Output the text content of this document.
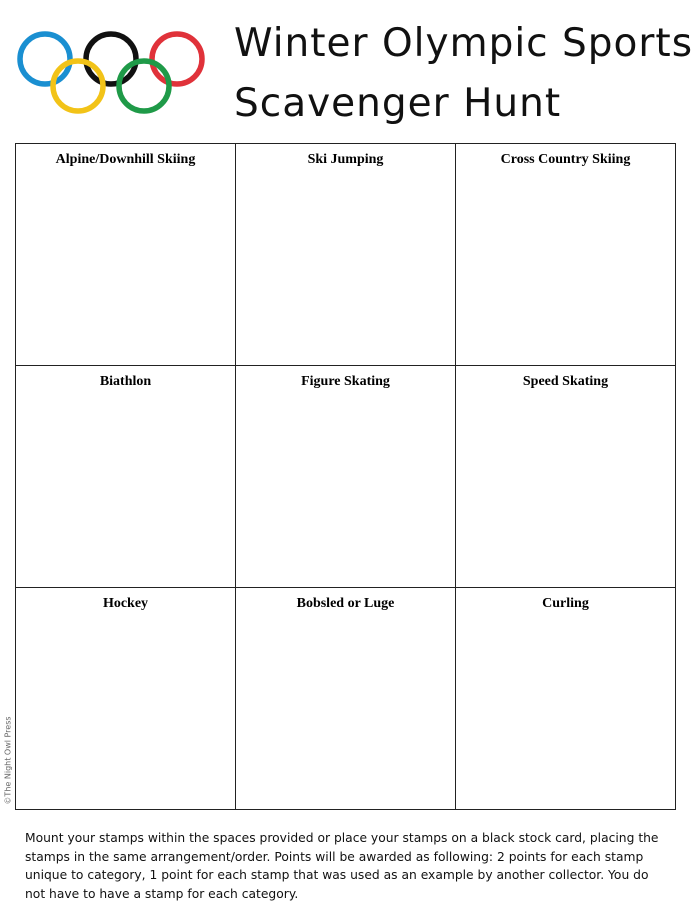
Winter Olympic Sports
Scavenger Hunt
Alpine/Downhill Skiing	Ski Jumping	Cross Country Skiing

Biathlon	Figure Skating	Speed Skating

Hockey	Bobsled or Luge	Curling
©The Night Owl Press

Mount your stamps within the spaces provided or place your stamps on a black stock card, placing the stamps in the same arrangement/order. Points will be awarded as following: 2 points for each stamp unique to category, 1 point for each stamp that was used as an example by another collector. You do not have to have a stamp for each category.
